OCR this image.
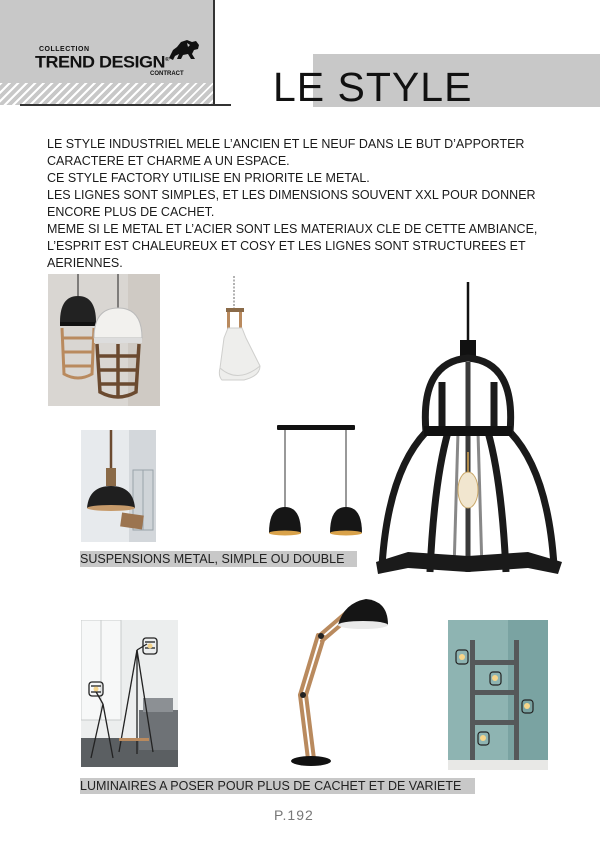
COLLECTION
TREND DESIGN®
CONTRACT LE STYLE

LE STYLE INDUSTRIEL MELE L’ANCIEN ET LE NEUF DANS LE BUT D’APPORTER

CARACTERE ET CHARME A UN ESPACE.

CE STYLE FACTORY UTILISE EN PRIORITE LE METAL.

LES LIGNES SONT SIMPLES, ET LES DIMENSIONS SOUVENT XXL POUR DONNER

ENCORE PLUS DE CACHET.

MEME SI LE METAL ET L’ACIER SONT LES MATERIAUX CLE DE CETTE AMBIANCE,

L’ESPRIT EST CHALEUREUX ET COSY ET LES LIGNES SONT STRUCTUREES ET

AERIENNES.

SUSPENSIONS METAL, SIMPLE OU DOUBLE
LUMINAIRES A POSER POUR PLUS DE CACHET ET DE VARIETE
P.192
